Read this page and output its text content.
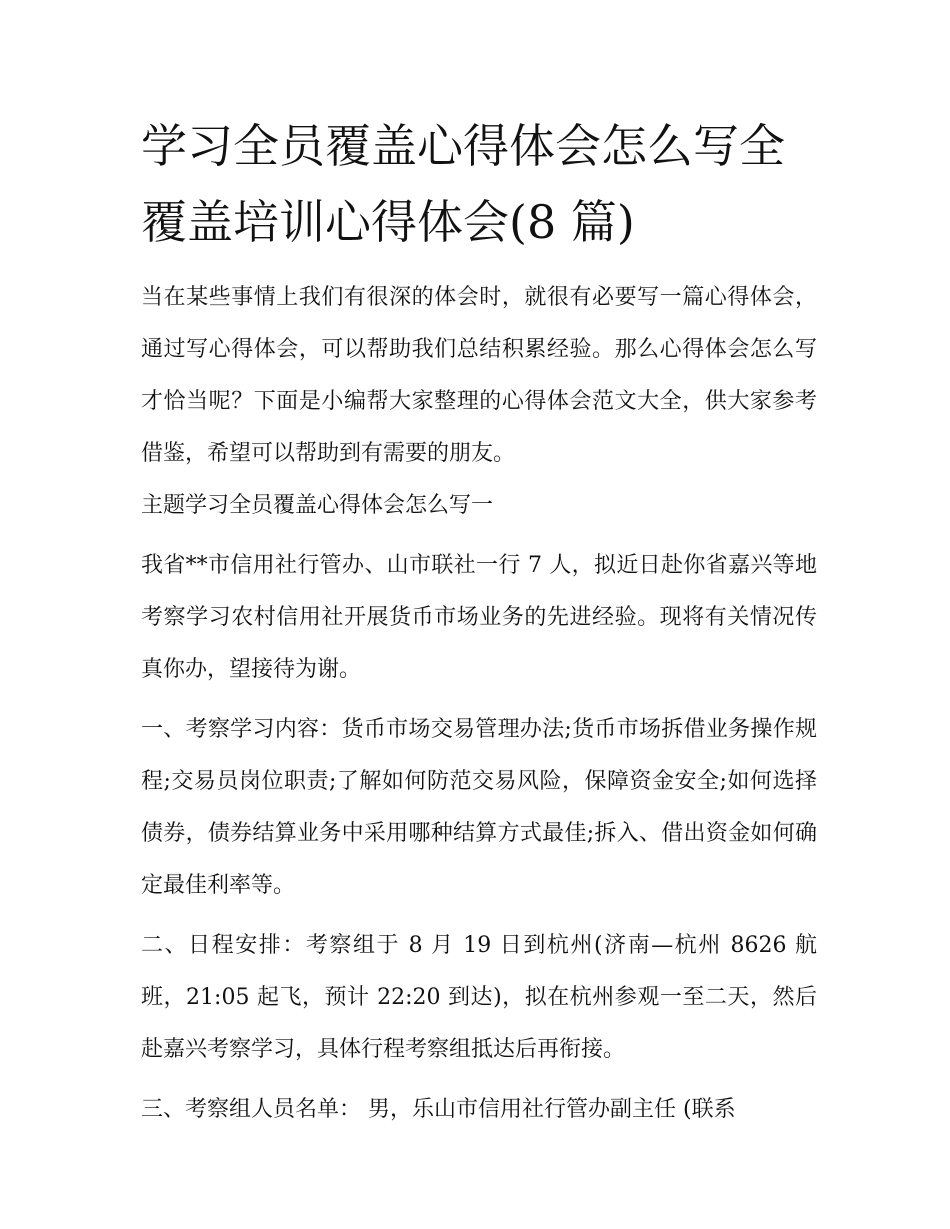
学习全员覆盖心得体会怎么写全覆盖培训心得体会(8 篇)

当在某些事情上我们有很深的体会时，就很有必要写一篇心得体会，通过写心得体会，可以帮助我们总结积累经验。那么心得体会怎么写才恰当呢？下面是小编帮大家整理的心得体会范文大全，供大家参考借鉴，希望可以帮助到有需要的朋友。

主题学习全员覆盖心得体会怎么写一

我省**市信用社行管办、山市联社一行 7 人，拟近日赴你省嘉兴等地考察学习农村信用社开展货币市场业务的先进经验。现将有关情况传真你办，望接待为谢。

一、考察学习内容：货币市场交易管理办法;货币市场拆借业务操作规程;交易员岗位职责;了解如何防范交易风险，保障资金安全;如何选择债券，债券结算业务中采用哪种结算方式最佳;拆入、借出资金如何确定最佳利率等。

二、日程安排：考察组于 8 月 19 日到杭州(济南—杭州 8626 航班，21:05 起飞，预计 22:20 到达)，拟在杭州参观一至二天，然后赴嘉兴考察学习，具体行程考察组抵达后再衔接。

三、考察组人员名单： 男，乐山市信用社行管办副主任 (联系
